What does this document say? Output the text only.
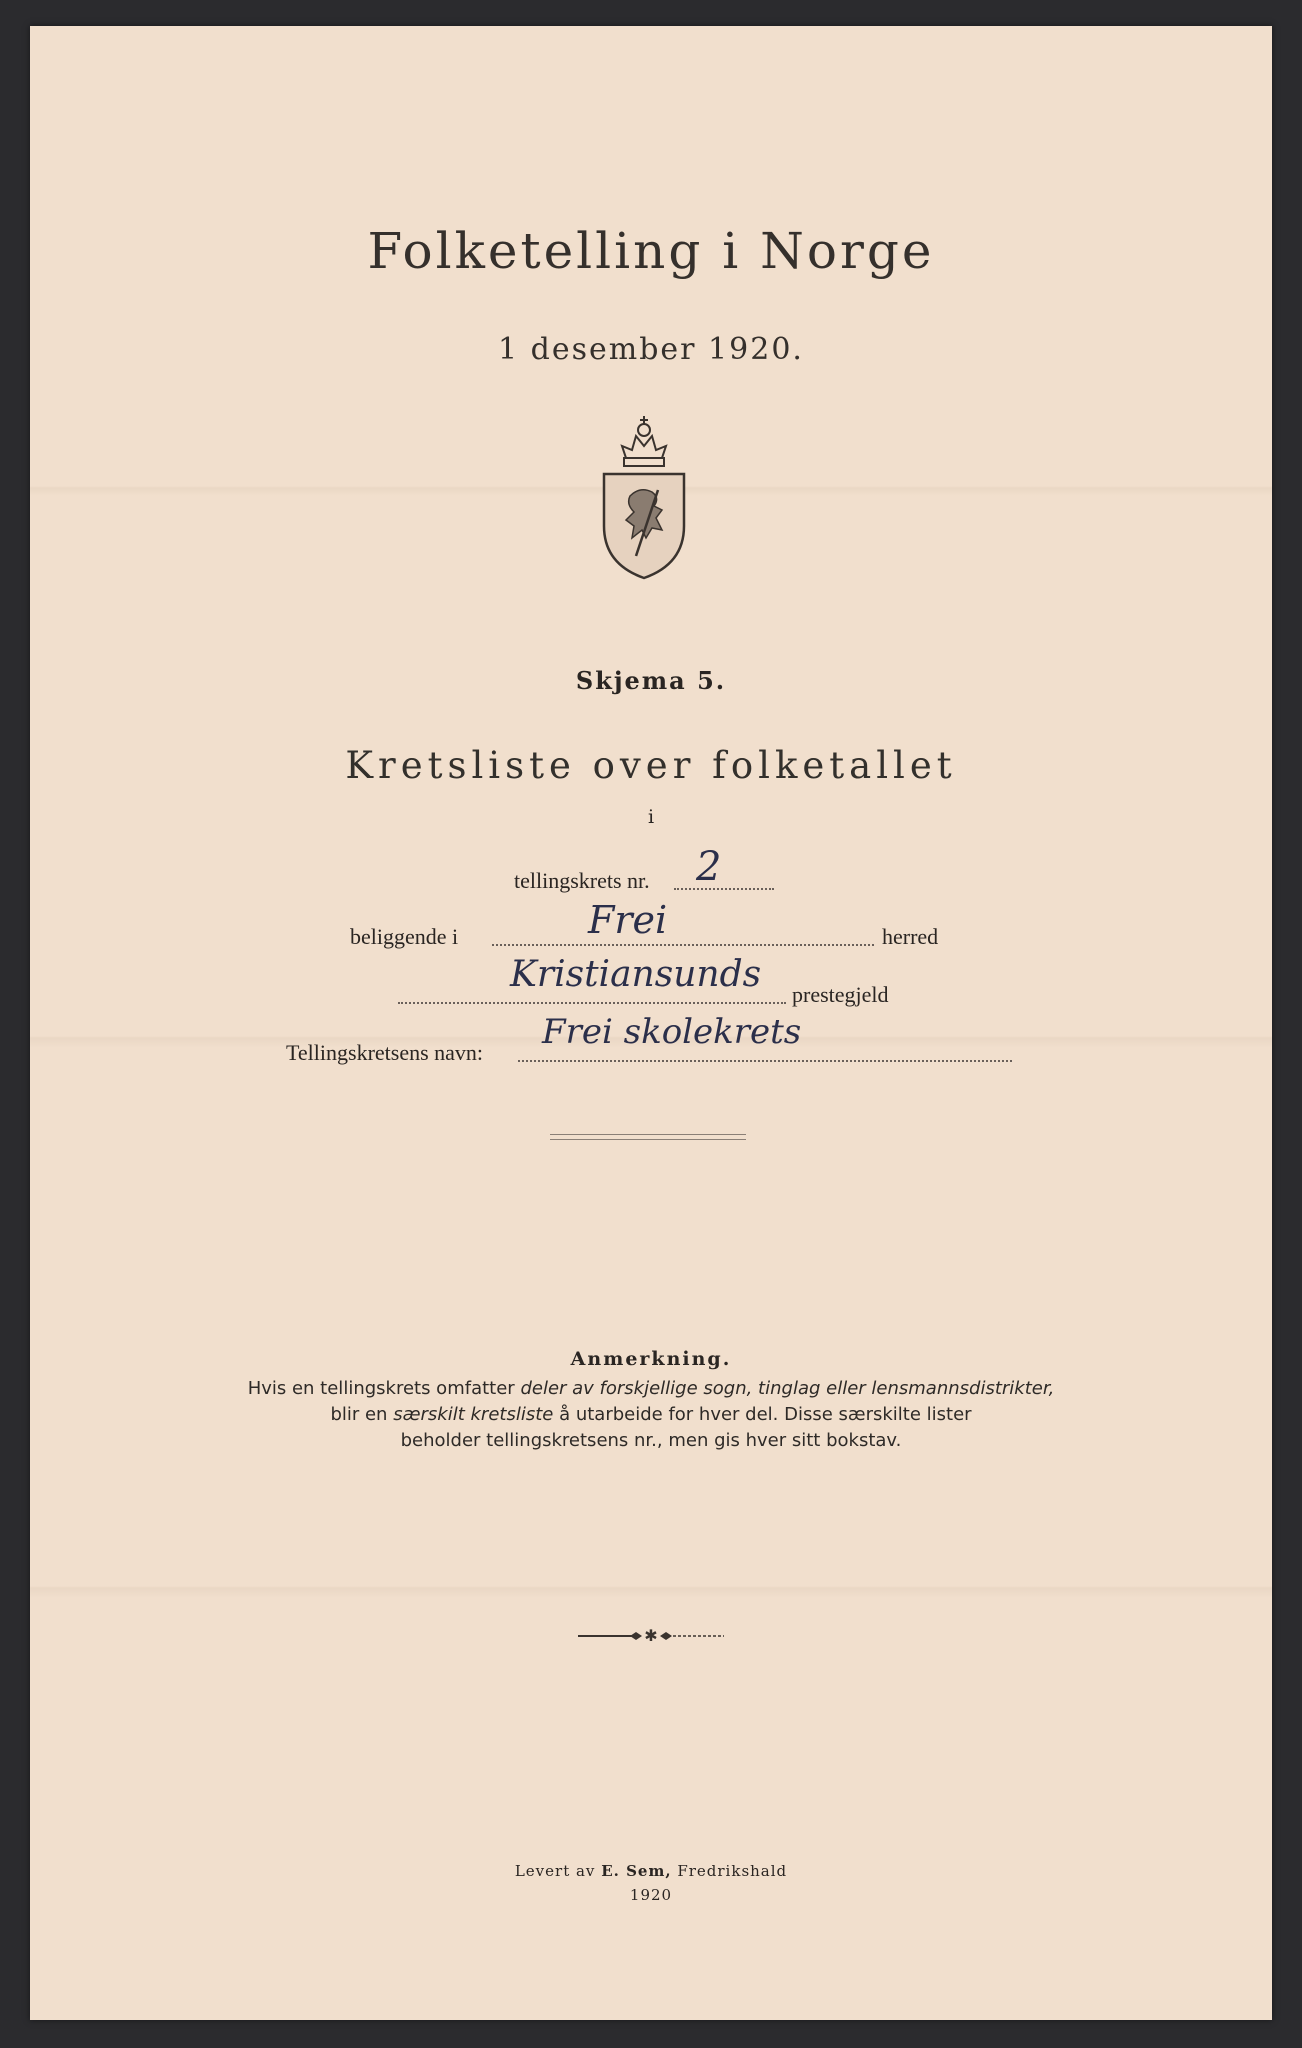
Folketelling i Norge
1 desember 1920.
Skjema 5.
Kretsliste over folketallet
i
tellingskrets nr. 2
beliggende i	Frei	herred
Kristiansunds prestegjeld
Tellingskretsens navn:
Frei skolekrets
Anmerkning.
Hvis en tellingskrets omfatter deler av forskjellige sogn, tinglag eller lensmannsdistrikter,
blir en særskilt kretsliste å utarbeide for hver del. Disse særskilte lister
beholder tellingskretsens nr., men gis hver sitt bokstav.
✱
Levert av E. Sem, Fredrikshald
1920
